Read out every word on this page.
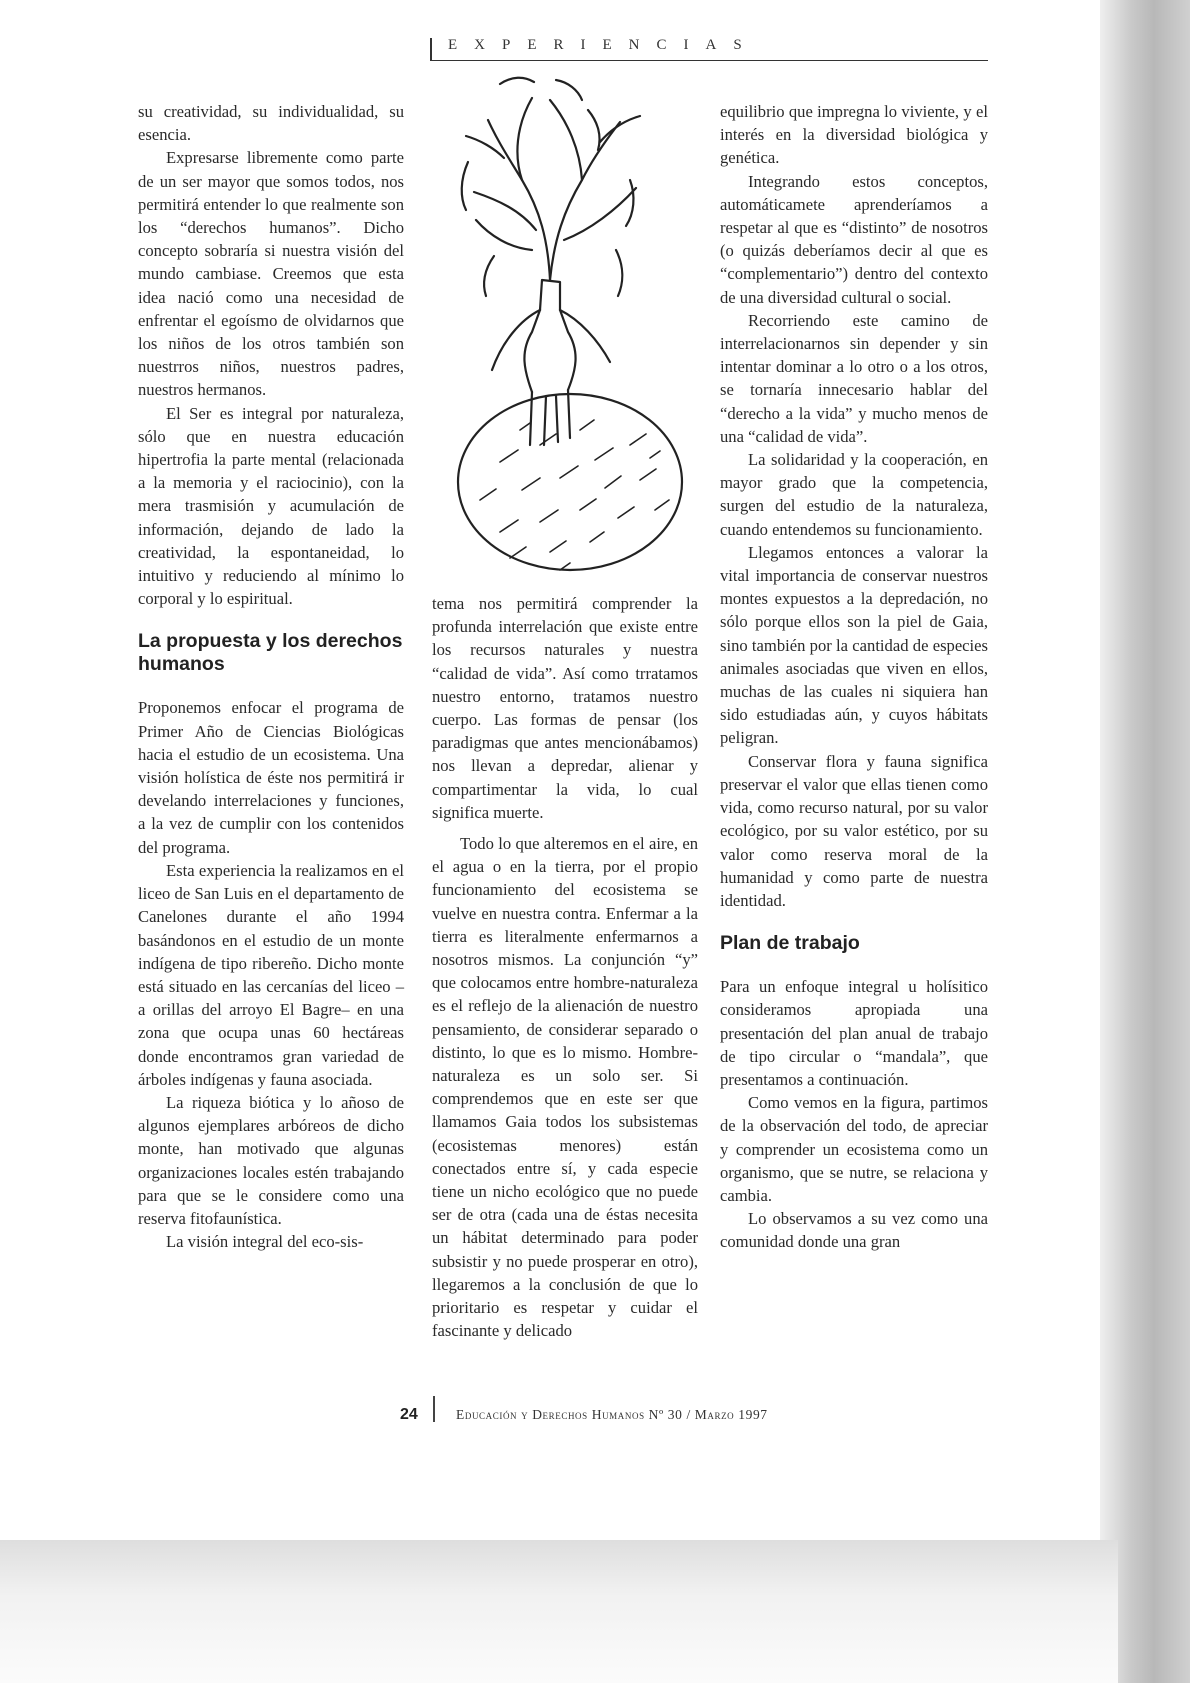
EXPERIENCIAS

su creatividad, su individualidad, su esencia.

Expresarse libremente como parte de un ser mayor que somos todos, nos permitirá entender lo que realmente son los “derechos humanos”. Dicho concepto sobraría si nuestra visión del mundo cambiase. Creemos que esta idea nació como una necesidad de enfrentar el egoísmo de olvidarnos que los niños de los otros también son nuestrros niños, nuestros padres, nuestros hermanos.

El Ser es integral por naturaleza, sólo que en nuestra educación hipertrofia la parte mental (relacionada a la memoria y el raciocinio), con la mera trasmisión y acumulación de información, dejando de lado la creatividad, la espontaneidad, lo intuitivo y reduciendo al mínimo lo corporal y lo espiritual.

La propuesta y los derechos humanos

Proponemos enfocar el programa de Primer Año de Ciencias Biológicas hacia el estudio de un ecosistema. Una visión holística de éste nos permitirá ir develando interrelaciones y funciones, a la vez de cumplir con los contenidos del programa.

Esta experiencia la realizamos en el liceo de San Luis en el departamento de Canelones durante el año 1994 basándonos en el estudio de un monte indígena de tipo ribereño. Dicho monte está situado en las cercanías del liceo –a orillas del arroyo El Bagre– en una zona que ocupa unas 60 hectáreas donde encontramos gran variedad de árboles indígenas y fauna asociada.

La riqueza biótica y lo añoso de algunos ejemplares arbóreos de dicho monte, han motivado que algunas organizaciones locales estén trabajando para que se le considere como una reserva fitofaunística.

La visión integral del eco-sis-

tema nos permitirá comprender la profunda interrelación que existe entre los recursos naturales y nuestra “calidad de vida”. Así como trratamos nuestro entorno, tratamos nuestro cuerpo. Las formas de pensar (los paradigmas que antes mencionábamos) nos llevan a depredar, alienar y compartimentar la vida, lo cual significa muerte.

Todo lo que alteremos en el aire, en el agua o en la tierra, por el propio funcionamiento del ecosistema se vuelve en nuestra contra. Enfermar a la tierra es literalmente enfermarnos a nosotros mismos. La conjunción “y” que colocamos entre hombre-naturaleza es el reflejo de la alienación de nuestro pensamiento, de considerar separado o distinto, lo que es lo mismo. Hombre-naturaleza es un solo ser. Si comprendemos que en este ser que llamamos Gaia todos los subsistemas (ecosistemas menores) están conectados entre sí, y cada especie tiene un nicho ecológico que no puede ser de otra (cada una de éstas necesita un hábitat determinado para poder subsistir y no puede prosperar en otro), llegaremos a la conclusión de que lo prioritario es respetar y cuidar el fascinante y delicado

equilibrio que impregna lo viviente, y el interés en la diversidad biológica y genética.

Integrando estos conceptos, automáticamete aprenderíamos a respetar al que es “distinto” de nosotros (o quizás deberíamos decir al que es “complementario”) dentro del contexto de una diversidad cultural o social.

Recorriendo este camino de interrelacionarnos sin depender y sin intentar dominar a lo otro o a los otros, se tornaría innecesario hablar del “derecho a la vida” y mucho menos de una “calidad de vida”.

La solidaridad y la cooperación, en mayor grado que la competencia, surgen del estudio de la naturaleza, cuando entendemos su funcionamiento.

Llegamos entonces a valorar la vital importancia de conservar nuestros montes expuestos a la depredación, no sólo porque ellos son la piel de Gaia, sino también por la cantidad de especies animales asociadas que viven en ellos, muchas de las cuales ni siquiera han sido estudiadas aún, y cuyos hábitats peligran.

Conservar flora y fauna significa preservar el valor que ellas tienen como vida, como recurso natural, por su valor ecológico, por su valor estético, por su valor como reserva moral de la humanidad y como parte de nuestra identidad.

Plan de trabajo

Para un enfoque integral u holísitico consideramos apropiada una presentación del plan anual de trabajo de tipo circular o “mandala”, que presentamos a continuación.

Como vemos en la figura, partimos de la observación del todo, de apreciar y comprender un ecosistema como un organismo, que se nutre, se relaciona y cambia.

Lo observamos a su vez como una comunidad donde una gran

24	Educación y Derechos Humanos Nº 30 / Marzo 1997
